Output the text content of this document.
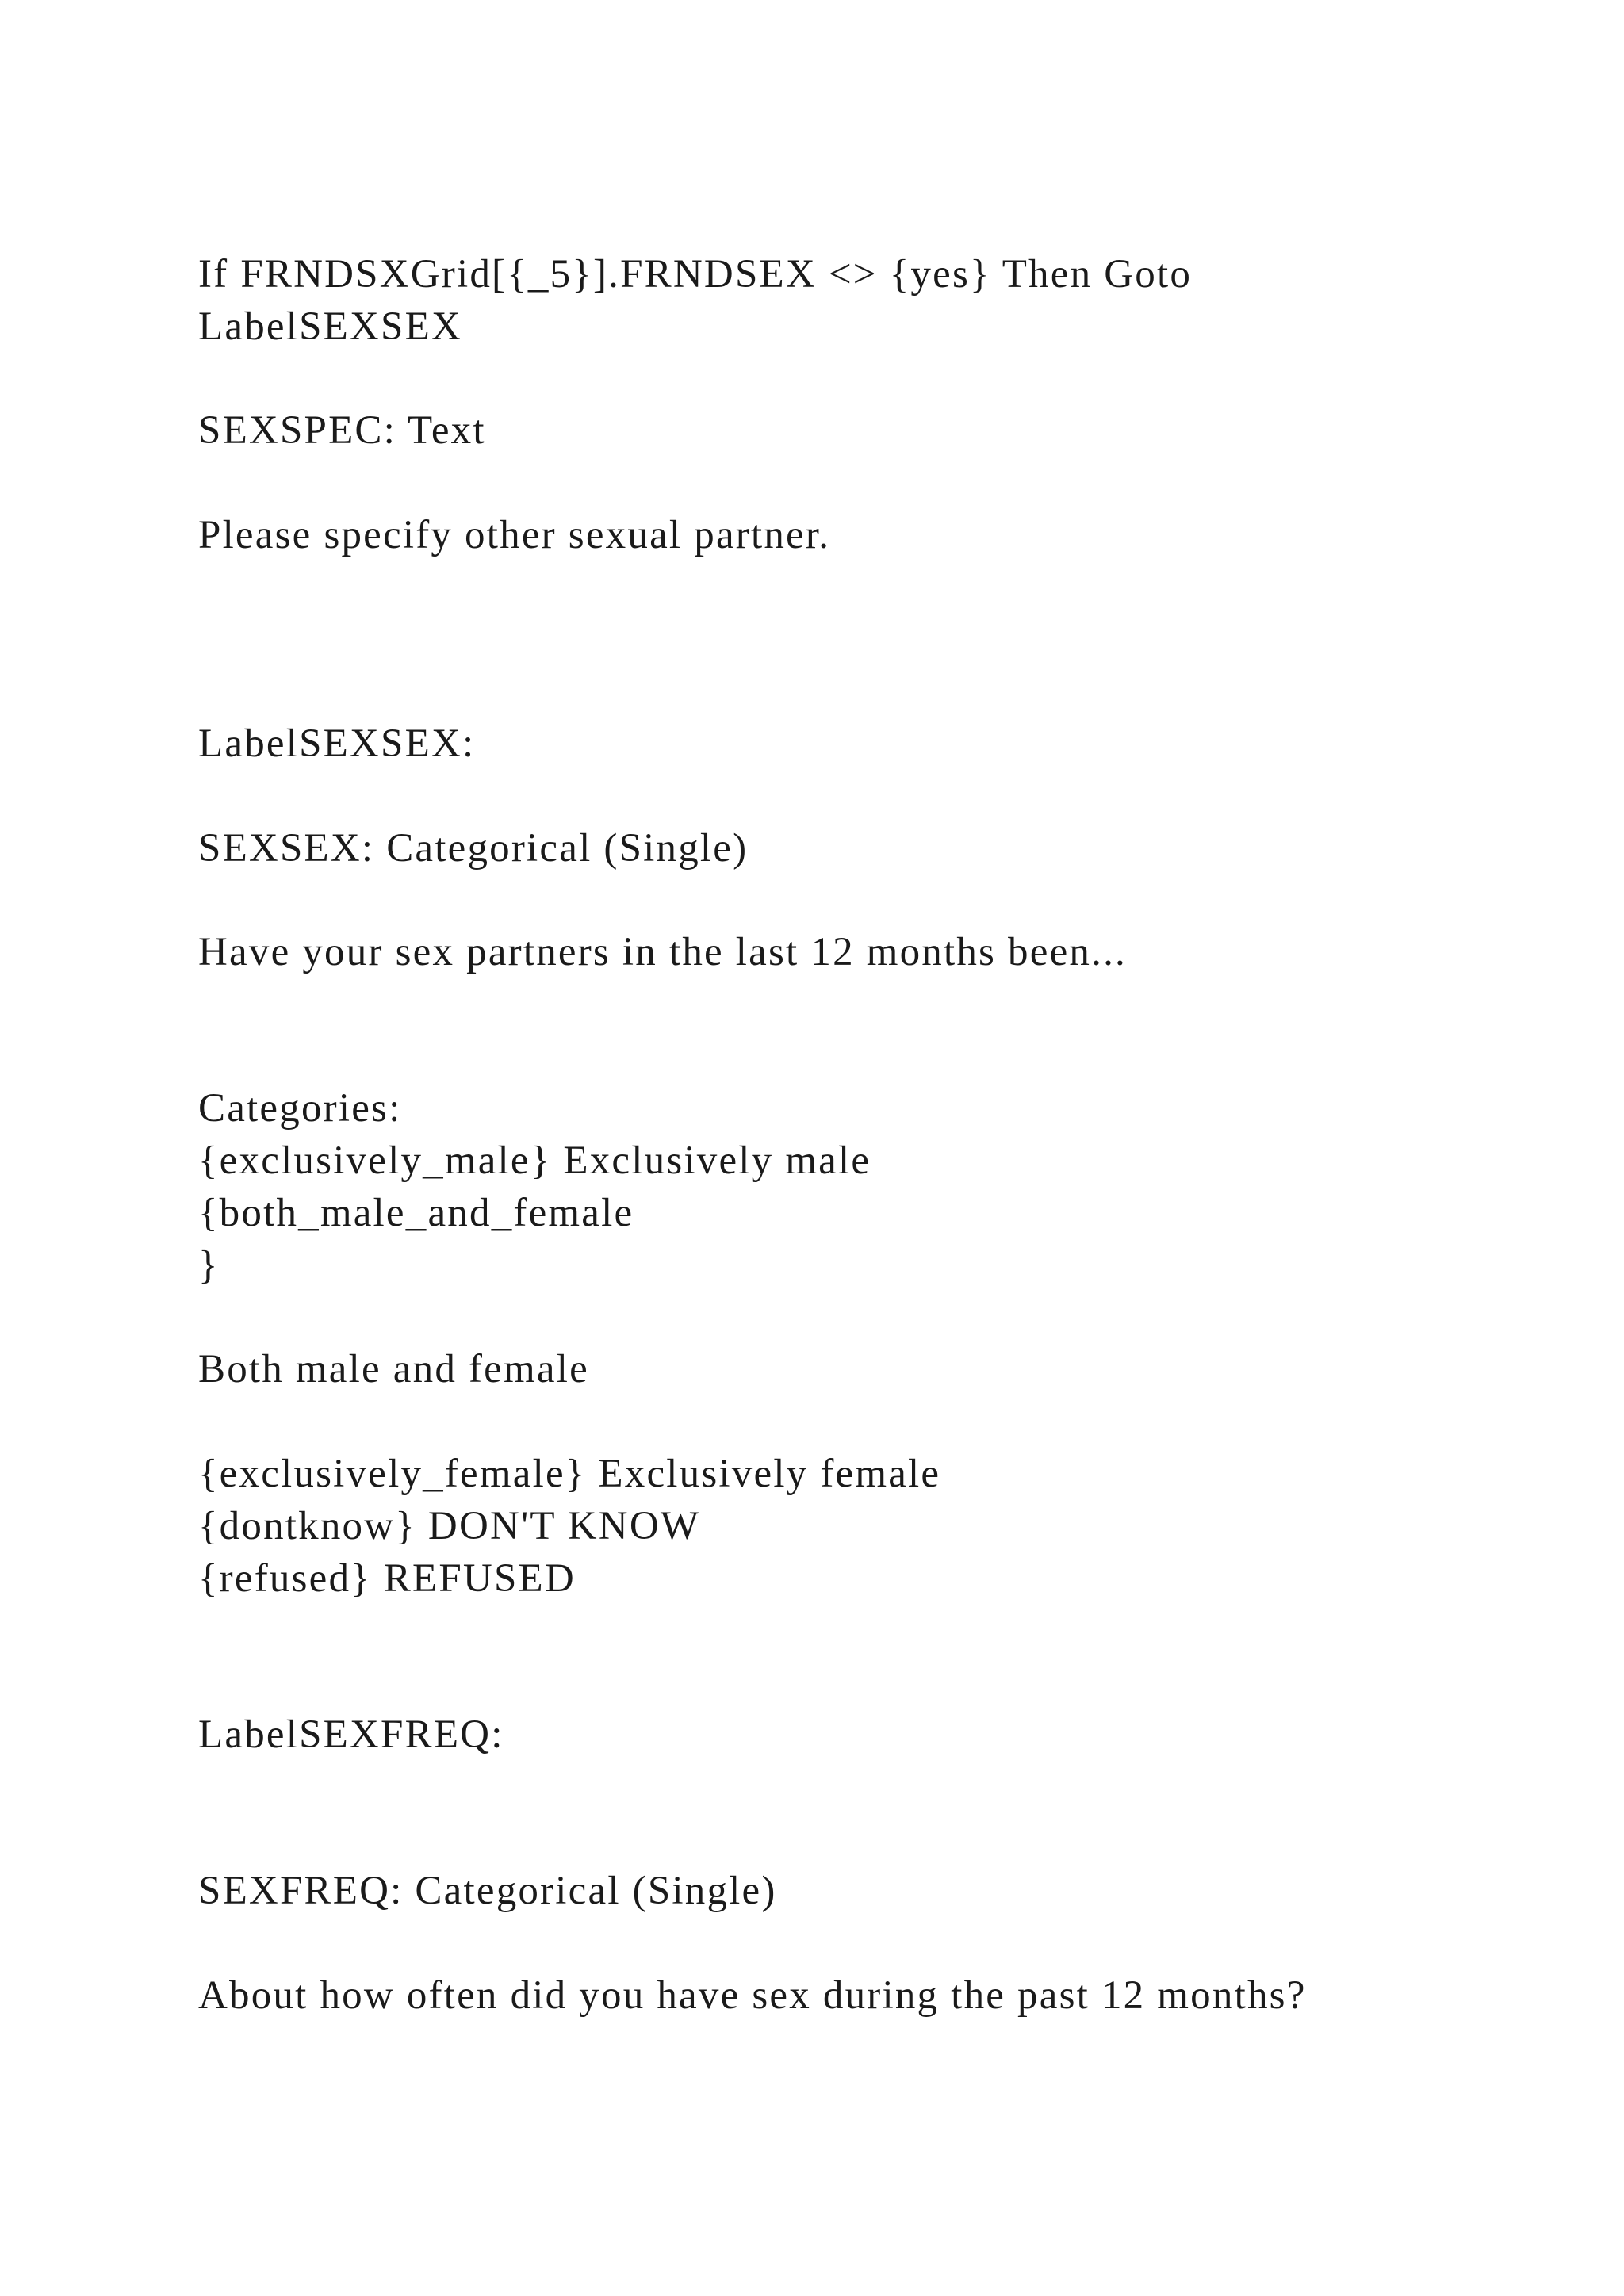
If FRNDSXGrid[{_5}].FRNDSEX <> {yes} Then Goto

LabelSEXSEX

SEXSPEC: Text

Please specify other sexual partner.

LabelSEXSEX:

SEXSEX: Categorical (Single)

Have your sex partners in the last 12 months been...

Categories:

{exclusively_male} Exclusively male

{both_male_and_female

}

Both male and female

{exclusively_female} Exclusively female

{dontknow} DON'T KNOW

{refused} REFUSED

LabelSEXFREQ:

SEXFREQ: Categorical (Single)

About how often did you have sex during the past 12 months?
